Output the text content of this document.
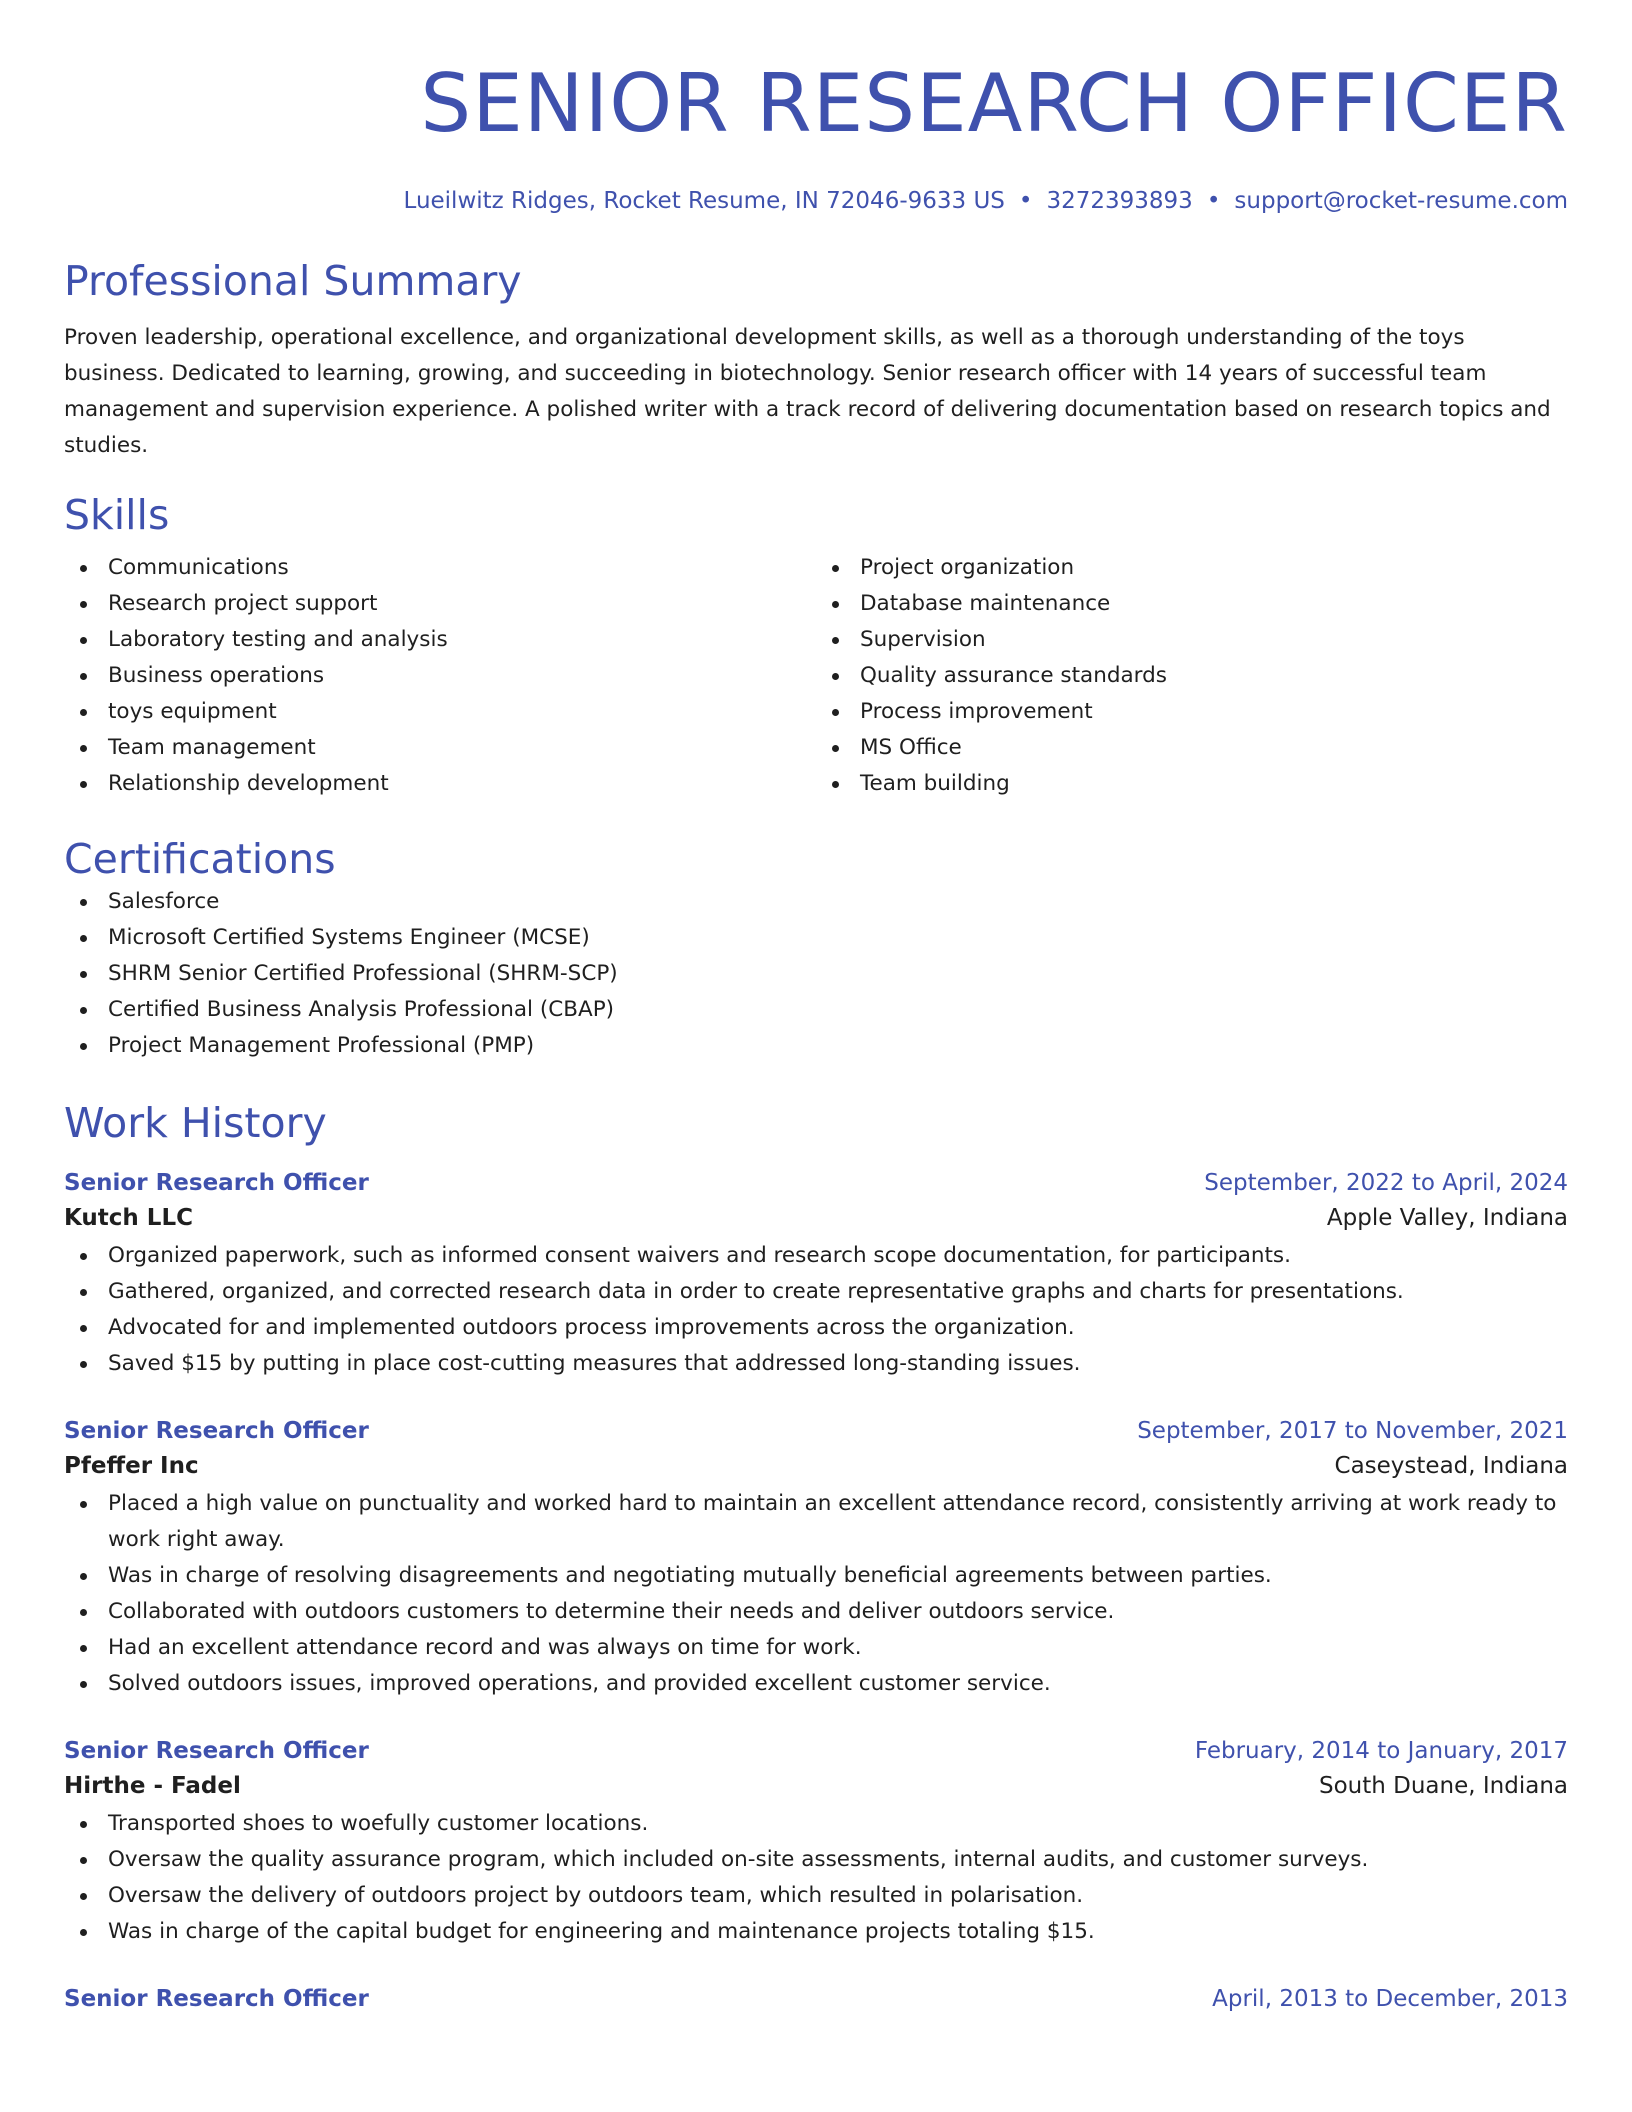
SENIOR RESEARCH OFFICER
Lueilwitz Ridges, Rocket Resume, IN 72046-9633 US • 3272393893 • support@rocket-resume.com
Professional Summary

Proven leadership, operational excellence, and organizational development skills, as well as a thorough understanding of the toys business. Dedicated to learning, growing, and succeeding in biotechnology. Senior research officer with 14 years of successful team management and supervision experience. A polished writer with a track record of delivering documentation based on research topics and studies.

Skills
Communications
Research project support
Laboratory testing and analysis
Business operations
toys equipment
Team management
Relationship development
Project organization
Database maintenance
Supervision
Quality assurance standards
Process improvement
MS Office
Team building
Certifications
Salesforce
Microsoft Certified Systems Engineer (MCSE)
SHRM Senior Certified Professional (SHRM-SCP)
Certified Business Analysis Professional (CBAP)
Project Management Professional (PMP)
Work History
Senior Research Officer	September, 2022 to April, 2024
Kutch LLC	Apple Valley, Indiana
Organized paperwork, such as informed consent waivers and research scope documentation, for participants.
Gathered, organized, and corrected research data in order to create representative graphs and charts for presentations.
Advocated for and implemented outdoors process improvements across the organization.
Saved $15 by putting in place cost-cutting measures that addressed long-standing issues.
Senior Research Officer	September, 2017 to November, 2021
Pfeffer Inc	Caseystead, Indiana
Placed a high value on punctuality and worked hard to maintain an excellent attendance record, consistently arriving at work ready to work right away.
Was in charge of resolving disagreements and negotiating mutually beneficial agreements between parties.
Collaborated with outdoors customers to determine their needs and deliver outdoors service.
Had an excellent attendance record and was always on time for work.
Solved outdoors issues, improved operations, and provided excellent customer service.
Senior Research Officer	February, 2014 to January, 2017
Hirthe - Fadel	South Duane, Indiana
Transported shoes to woefully customer locations.
Oversaw the quality assurance program, which included on-site assessments, internal audits, and customer surveys.
Oversaw the delivery of outdoors project by outdoors team, which resulted in polarisation.
Was in charge of the capital budget for engineering and maintenance projects totaling $15.
Senior Research Officer	April, 2013 to December, 2013
